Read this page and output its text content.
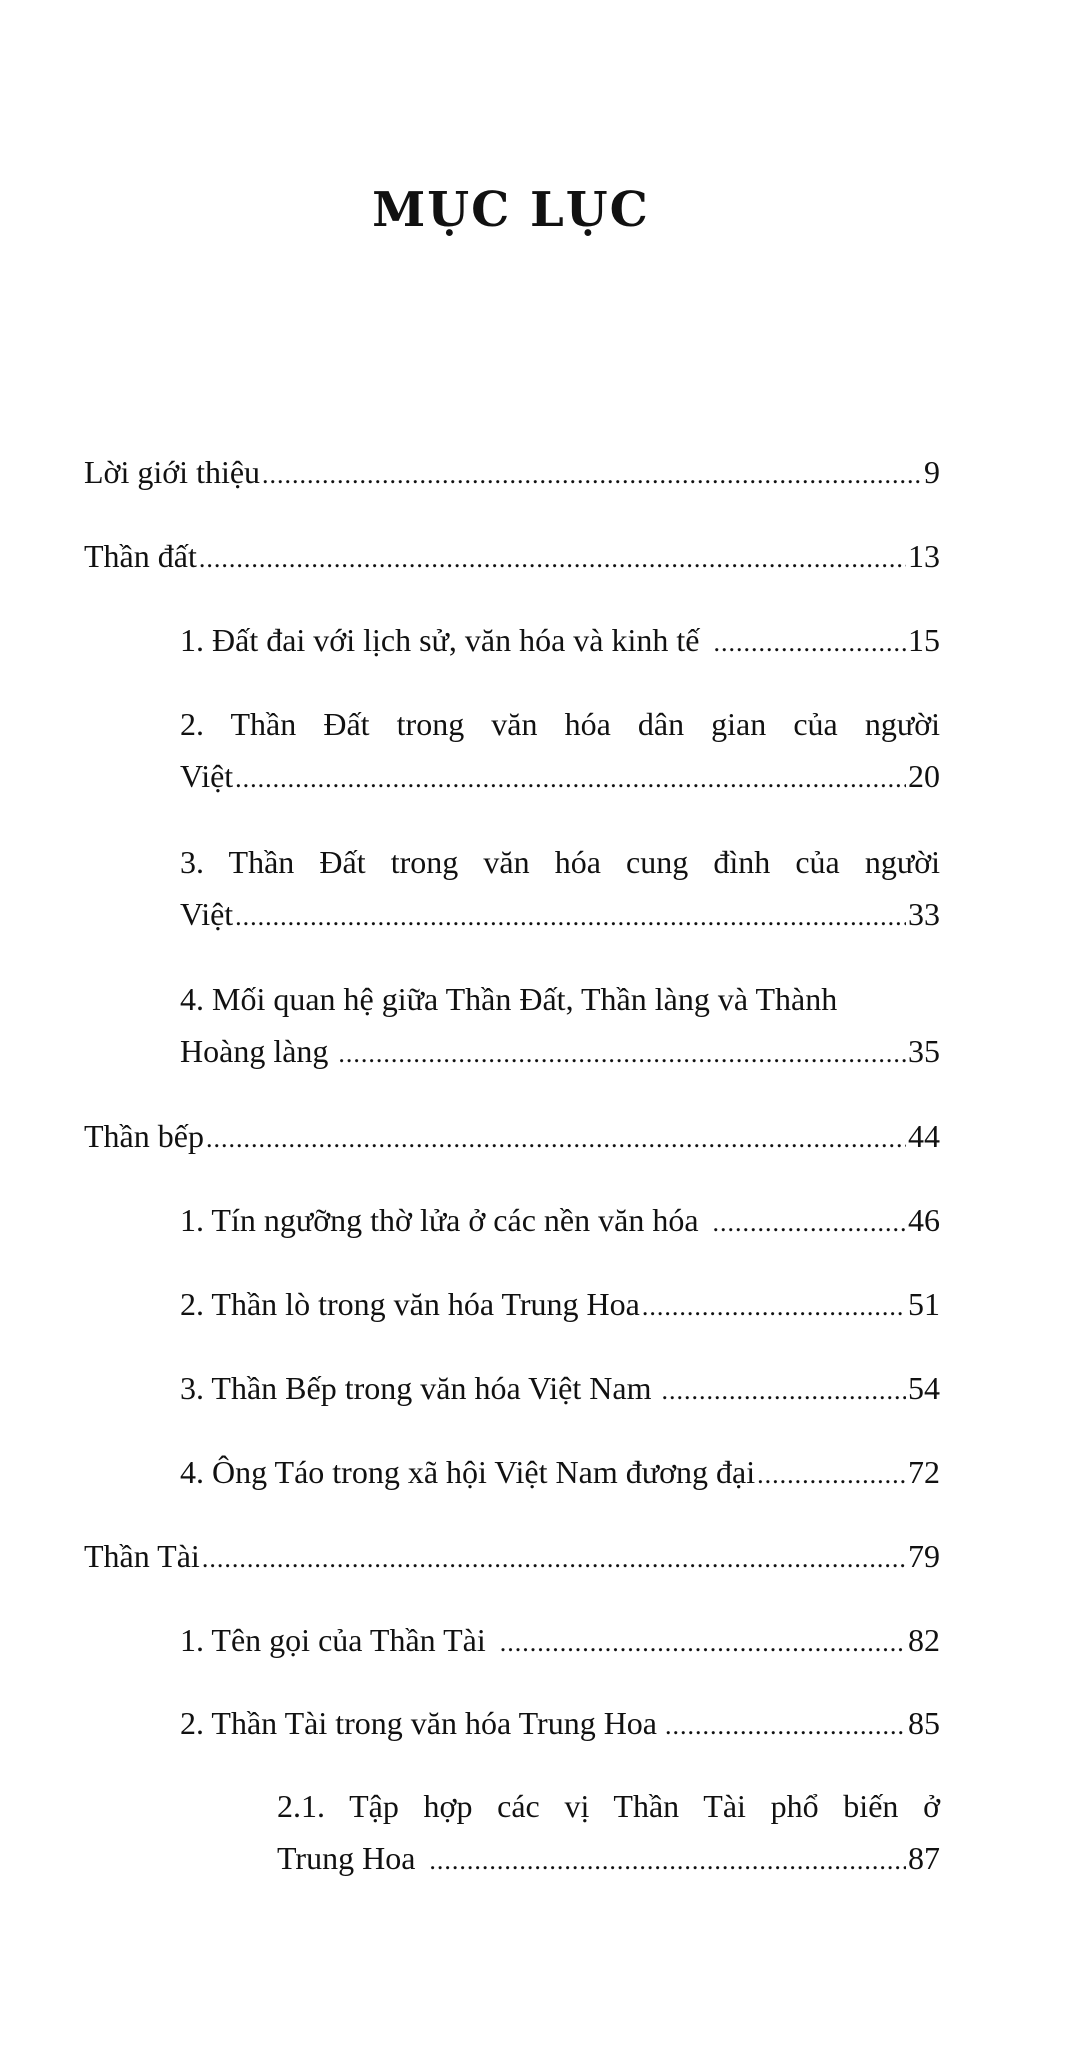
MỤC LỤC
Lời giới thiệu .....	9
Thần đất .....	13
1. Đất đai với lịch sử, văn hóa và kinh tế .....	15
2. Thần Đất trong văn hóa dân gian của người
Việt .....	20
3. Thần Đất trong văn hóa cung đình của người
Việt .....	33
4. Mối quan hệ giữa Thần Đất, Thần làng và Thành
Hoàng làng .....	35
Thần bếp .....	44
1. Tín ngưỡng thờ lửa ở các nền văn hóa .....	46
2. Thần lò trong văn hóa Trung Hoa .....	51
3. Thần Bếp trong văn hóa Việt Nam .....	54
4. Ông Táo trong xã hội Việt Nam đương đại .....	72
Thần Tài .....	79
1. Tên gọi của Thần Tài .....	82
2. Thần Tài trong văn hóa Trung Hoa .....	85
2.1. Tập hợp các vị Thần Tài phổ biến ở
Trung Hoa .....	87
